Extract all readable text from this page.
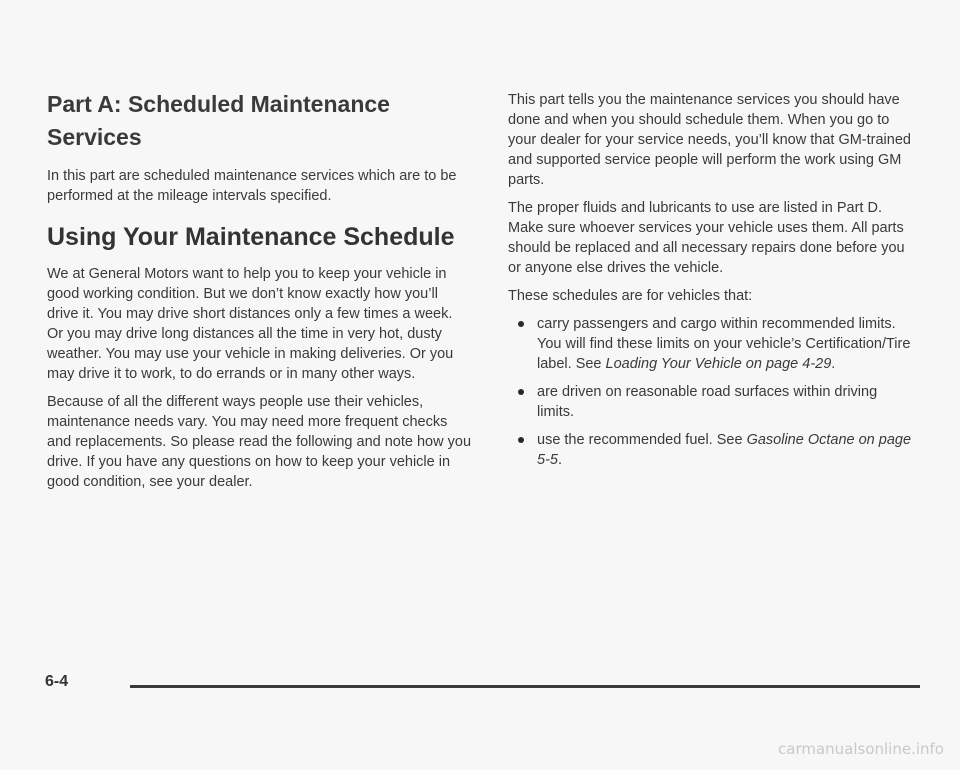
Part A: Scheduled Maintenance
Services

In this part are scheduled maintenance services which are to be performed at the mileage intervals specified.

Using Your Maintenance Schedule

We at General Motors want to help you to keep your vehicle in good working condition. But we don’t know exactly how you’ll drive it. You may drive short distances only a few times a week. Or you may drive long distances all the time in very hot, dusty weather. You may use your vehicle in making deliveries. Or you may drive it to work, to do errands or in many other ways.

Because of all the different ways people use their vehicles, maintenance needs vary. You may need more frequent checks and replacements. So please read the following and note how you drive. If you have any questions on how to keep your vehicle in good condition, see your dealer.

This part tells you the maintenance services you should have done and when you should schedule them. When you go to your dealer for your service needs, you’ll know that GM-trained and supported service people will perform the work using GM parts.

The proper fluids and lubricants to use are listed in Part D. Make sure whoever services your vehicle uses them. All parts should be replaced and all necessary repairs done before you or anyone else drives the vehicle.

These schedules are for vehicles that:

carry passengers and cargo within recommended limits. You will find these limits on your vehicle’s Certification/Tire label. See Loading Your Vehicle on page 4-29.
are driven on reasonable road surfaces within driving limits.
use the recommended fuel. See Gasoline Octane on page 5-5.
6-4
carmanualsonline.info
